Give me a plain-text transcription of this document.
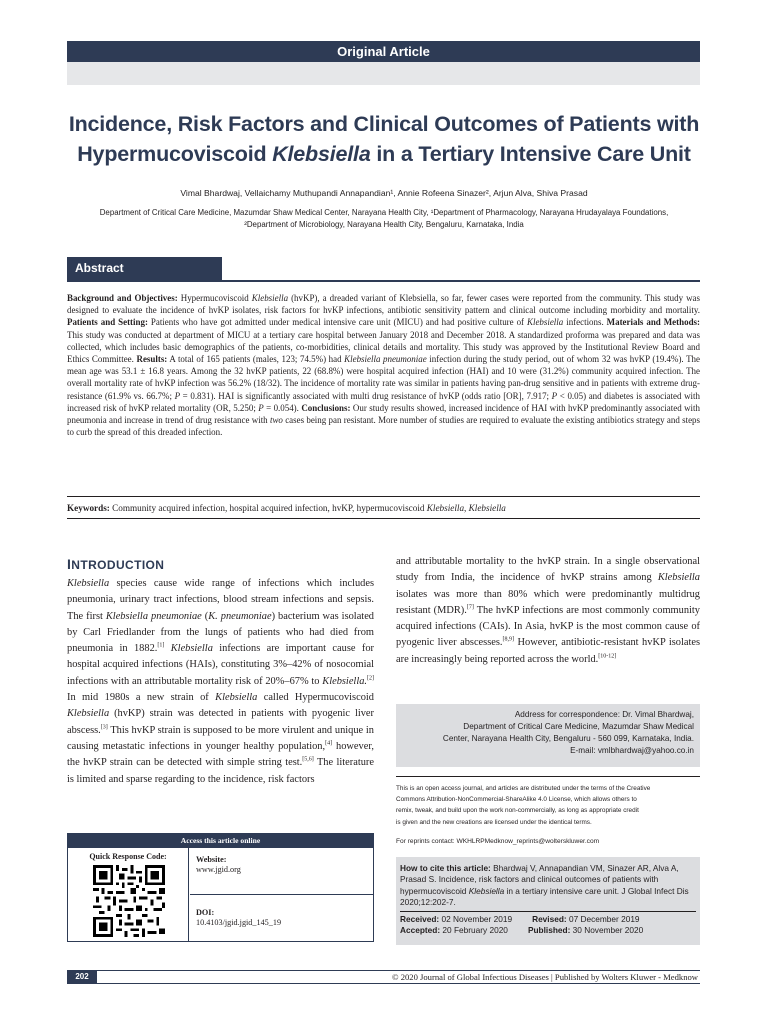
Original Article
Incidence, Risk Factors and Clinical Outcomes of Patients with
Hypermucoviscoid Klebsiella in a Tertiary Intensive Care Unit
Vimal Bhardwaj, Vellaichamy Muthupandi Annapandian¹, Annie Rofeena Sinazer², Arjun Alva, Shiva Prasad
Department of Critical Care Medicine, Mazumdar Shaw Medical Center, Narayana Health City, ¹Department of Pharmacology, Narayana Hrudayalaya Foundations,
²Department of Microbiology, Narayana Health City, Bengaluru, Karnataka, India
Abstract
Background and Objectives: Hypermucoviscoid Klebsiella (hvKP), a dreaded variant of Klebsiella, so far, fewer cases were reported from the community. This study was designed to evaluate the incidence of hvKP isolates, risk factors for hvKP infections, antibiotic sensitivity pattern and clinical outcome including morbidity and mortality. Patients and Setting: Patients who have got admitted under medical intensive care unit (MICU) and had positive culture of Klebsiella infections. Materials and Methods: This study was conducted at department of MICU at a tertiary care hospital between January 2018 and December 2018. A standardized proforma was prepared and data was collected, which includes basic demographics of the patients, co-morbidities, clinical details and mortality. This study was approved by the Institutional Review Board and Ethics Committee. Results: A total of 165 patients (males, 123; 74.5%) had Klebsiella pneumoniae infection during the study period, out of whom 32 was hvKP (19.4%). The mean age was 53.1 ± 16.8 years. Among the 32 hvKP patients, 22 (68.8%) were hospital acquired infection (HAI) and 10 were (31.2%) community acquired infection. The overall mortality rate of hvKP infection was 56.2% (18/32). The incidence of mortality rate was similar in patients having pan-drug sensitive and in patients with extreme drug-resistance (61.9% vs. 66.7%; P = 0.831). HAI is significantly associated with multi drug resistance of hvKP (odds ratio [OR], 7.917; P < 0.05) and diabetes is associated with increased risk of hvKP related mortality (OR, 5.250; P = 0.054). Conclusions: Our study results showed, increased incidence of HAI with hvKP predominantly associated with pneumonia and increase in trend of drug resistance with two cases being pan resistant. More number of studies are required to evaluate the existing antibiotics strategy and steps to curb the spread of this dreaded infection.
Keywords: Community acquired infection, hospital acquired infection, hvKP, hypermucoviscoid Klebsiella, Klebsiella
INTRODUCTION
Klebsiella species cause wide range of infections which includes pneumonia, urinary tract infections, blood stream infections and sepsis. The first Klebsiella pneumoniae (K. pneumoniae) bacterium was isolated by Carl Friedlander from the lungs of patients who had died from pneumonia in 1882.[1] Klebsiella infections are important cause for hospital acquired infections (HAIs), constituting 3%–42% of nosocomial infections with an attributable mortality risk of 20%–67% to Klebsiella.[2] In mid 1980s a new strain of Klebsiella called Hypermucoviscoid Klebsiella (hvKP) strain was detected in patients with pyogenic liver abscess.[3] This hvKP strain is supposed to be more virulent and unique in causing metastatic infections in younger healthy population,[4] however, the hvKP strain can be detected with simple string test.[5,6] The literature is limited and sparse regarding to the incidence, risk factors
and attributable mortality to the hvKP strain. In a single observational study from India, the incidence of hvKP strains among Klebsiella isolates was more than 80% which were predominantly multidrug resistant (MDR).[7] The hvKP infections are most commonly community acquired infections (CAIs). In Asia, hvKP is the most common cause of pyogenic liver abscesses.[8,9] However, antibiotic-resistant hvKP isolates are increasingly being reported across the world.[10-12]
Access this article online
Quick Response Code:	Website:
www.jgid.org
DOI:
10.4103/jgid.jgid_145_19
Address for correspondence: Dr. Vimal Bhardwaj,
Department of Critical Care Medicine, Mazumdar Shaw Medical
Center, Narayana Health City, Bengaluru - 560 099, Karnataka, India.
E-mail: vmlbhardwaj@yahoo.co.in
This is an open access journal, and articles are distributed under the terms of the Creative
Commons Attribution-NonCommercial-ShareAlike 4.0 License, which allows others to
remix, tweak, and build upon the work non-commercially, as long as appropriate credit
is given and the new creations are licensed under the identical terms.
For reprints contact: WKHLRPMedknow_reprints@wolterskluwer.com
How to cite this article: Bhardwaj V, Annapandian VM, Sinazer AR, Alva A, Prasad S. Incidence, risk factors and clinical outcomes of patients with hypermucoviscoid Klebsiella in a tertiary intensive care unit. J Global Infect Dis 2020;12:202-7.
Received: 02 November 2019 Revised: 07 December 2019
Accepted: 20 February 2020 Published: 30 November 2020
202	© 2020 Journal of Global Infectious Diseases | Published by Wolters Kluwer - Medknow
